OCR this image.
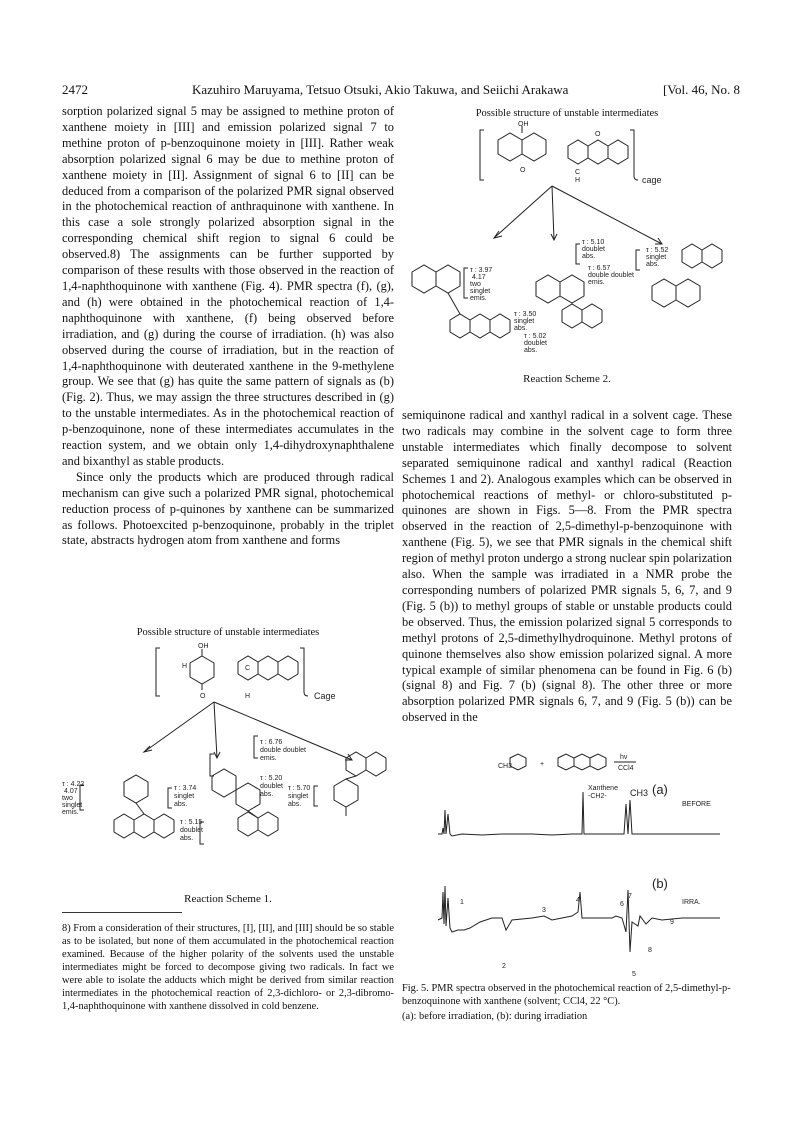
2472	Kazuhiro Maruyama, Tetsuo Otsuki, Akio Takuwa, and Seiichi Arakawa	[Vol. 46, No. 8

sorption polarized signal 5 may be assigned to methine proton of xanthene moiety in [III] and emission polarized signal 7 to methine proton of p-benzoquinone moiety in [III]. Rather weak absorption polarized signal 6 may be due to methine proton of xanthene moiety in [II]. Assignment of signal 6 to [II] can be deduced from a comparison of the polarized PMR signal observed in the photochemical reaction of anthraquinone with xanthene. In this case a sole strongly polarized absorption signal in the corresponding chemical shift region to signal 6 could be observed.8) The assignments can be further supported by comparison of these results with those observed in the reaction of 1,4-naphthoquinone with xanthene (Fig. 4). PMR spectra (f), (g), and (h) were obtained in the photochemical reaction of 1,4-naphthoquinone with xanthene, (f) being observed before irradiation, and (g) during the course of irradiation. (h) was also observed during the course of irradiation, but in the reaction of 1,4-naphthoquinone with deuterated xanthene in the 9-methylene group. We see that (g) has quite the same pattern of signals as (b) (Fig. 2). Thus, we may assign the three structures described in (g) to the unstable intermediates. As in the photochemical reaction of p-benzoquinone, none of these intermediates accumulates in the reaction system, and we obtain only 1,4-dihydroxynaphthalene and bixanthyl as stable products.

Since only the products which are produced through radical mechanism can give such a polarized PMR signal, photochemical reduction process of p-quinones by xanthene can be summarized as follows. Photoexcited p-benzoquinone, probably in the triplet state, abstracts hydrogen atom from xanthene and forms

Possible structure of unstable intermediates
OH
H
O	H
C
Cage
τ : 5.20
doublet
abs.
τ : 6.76
double doublet
emis.
τ : 4.22
4.07
two
singlet
emis.
τ : 3.74
singlet
abs.
τ : 5.15
doublet
abs.
τ : 5.70
singlet
abs.
Reaction Scheme 1.
8) From a consideration of their structures, [I], [II], and [III] should be so stable as to be isolated, but none of them accumulated in the photochemical reaction examined. Because of the higher polarity of the solvents used the unstable intermediates might be forced to decompose giving two radicals. In fact we were able to isolate the adducts which might be derived from similar reaction intermediates in the photochemical reaction of 2,3-dichloro- or 2,3-dibromo-1,4-naphthoquinone with xanthene dissolved in cold benzene.
Possible structure of unstable intermediates
OH
O
O
C
H	cage
τ : 5.10
doublet
abs.
τ : 5.52
singlet
abs.
τ : 3.97
4.17
two
singlet
emis.
τ : 6.57
double doublet
emis.
τ : 3.50
singlet
abs.
τ : 5.02
doublet
abs.
Reaction Scheme 2.

semiquinone radical and xanthyl radical in a solvent cage. These two radicals may combine in the solvent cage to form three unstable intermediates which finally decompose to solvent separated semiquinone radical and xanthyl radical (Reaction Schemes 1 and 2). Analogous examples which can be observed in photochemical reactions of methyl- or chloro-substituted p-quinones are shown in Figs. 5—8. From the PMR spectra observed in the reaction of 2,5-dimethyl-p-benzoquinone with xanthene (Fig. 5), we see that PMR signals in the chemical shift region of methyl proton undergo a strong nuclear spin polarization also. When the sample was irradiated in a NMR probe the corresponding numbers of polarized PMR signals 5, 6, 7, and 9 (Fig. 5 (b)) to methyl groups of stable or unstable products could be observed. Thus, the emission polarized signal 5 corresponds to methyl protons of 2,5-dimethylhydroquinone. Methyl protons of quinone themselves also show emission polarized signal. A more typical example of similar phenomena can be found in Fig. 6 (b) (signal 8) and Fig. 7 (b) (signal 8). The other three or more absorption polarized PMR signals 6, 7, and 9 (Fig. 5 (b)) can be observed in the

CH3	+
hν
CCl4
Xanthene
-CH2-	CH3 (a)
BEFORE
(b)
IRRA.
1
2
3
4
5
6
7
8
9
Fig. 5. PMR spectra observed in the photochemical reaction of 2,5-dimethyl-p-benzoquinone with xanthene (solvent; CCl4, 22 °C).
(a): before irradiation, (b): during irradiation
